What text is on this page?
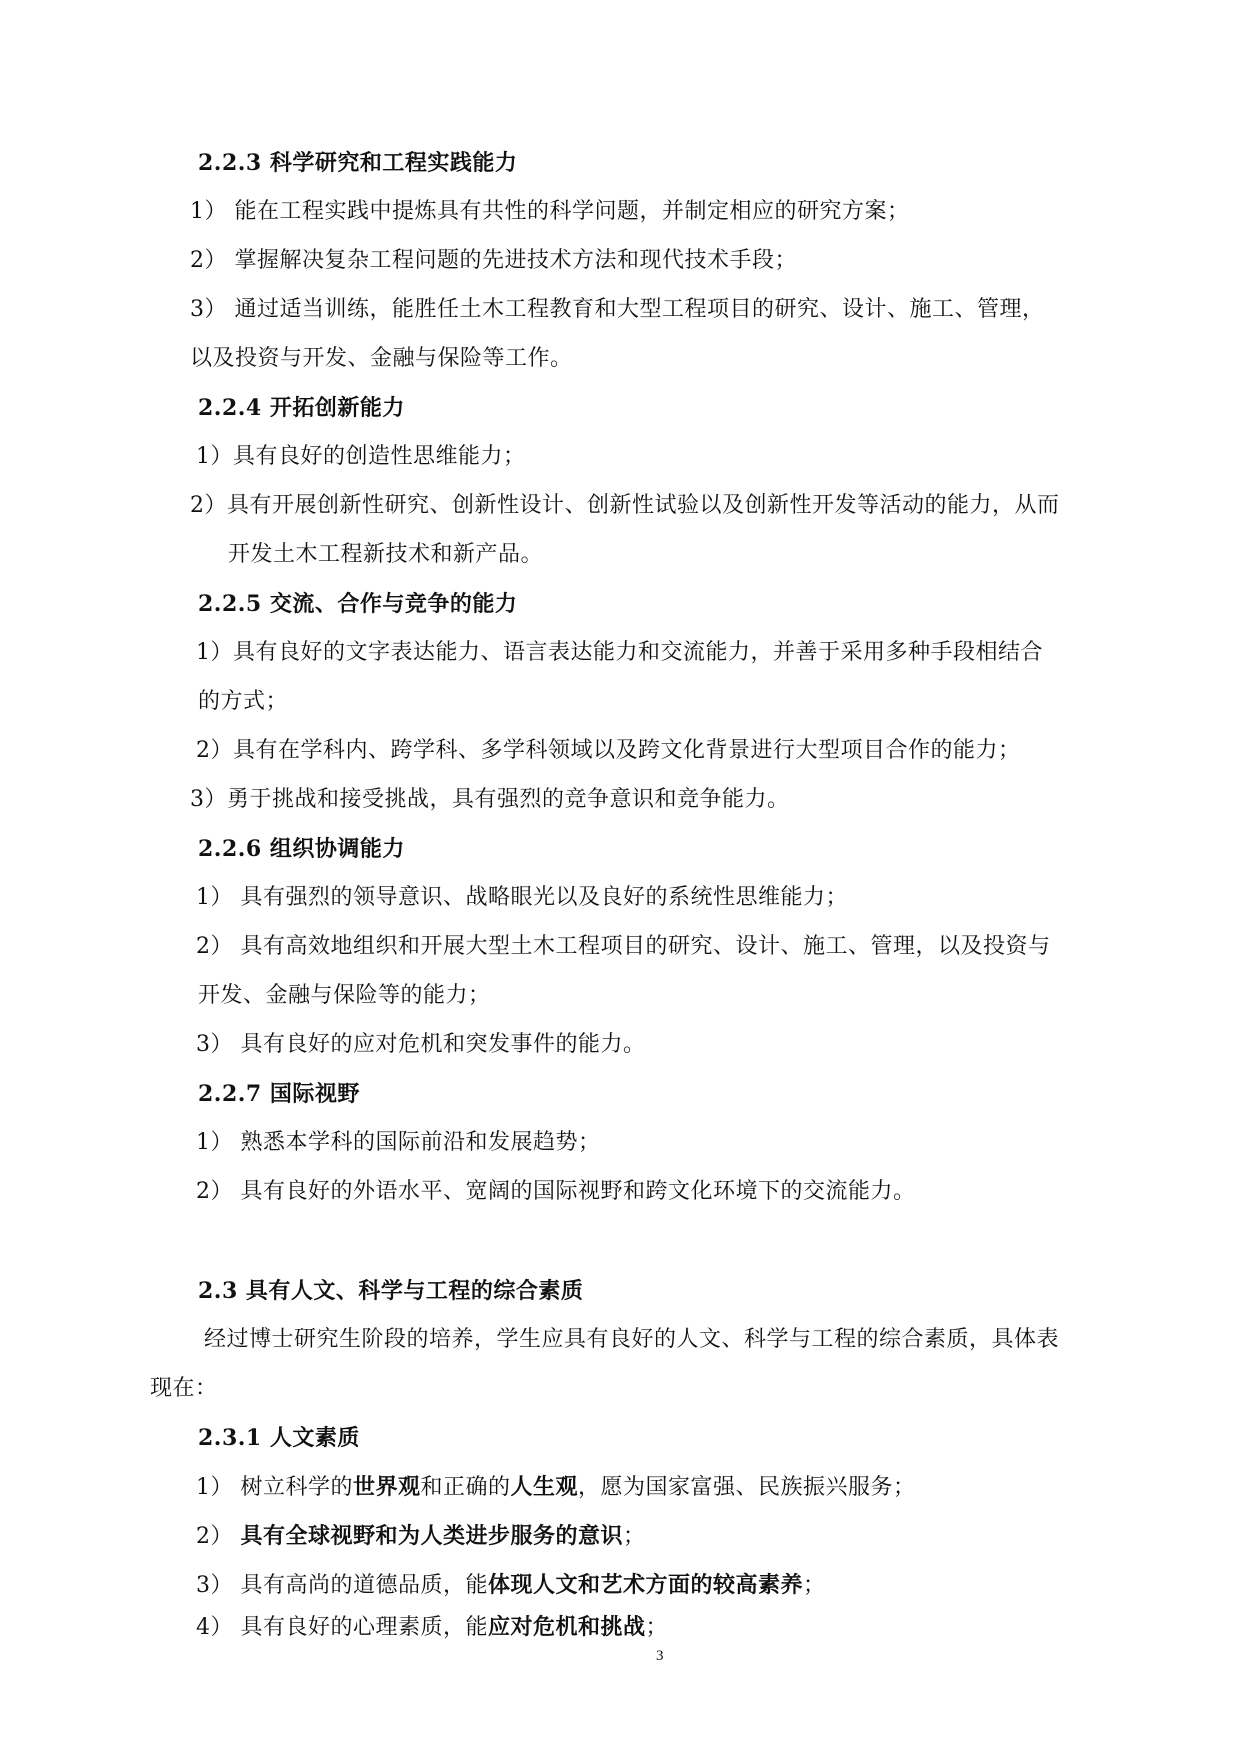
2.2.3 科学研究和工程实践能力
1） 能在工程实践中提炼具有共性的科学问题，并制定相应的研究方案；
2） 掌握解决复杂工程问题的先进技术方法和现代技术手段；
3） 通过适当训练，能胜任土木工程教育和大型工程项目的研究、设计、施工、管理，
以及投资与开发、金融与保险等工作。
2.2.4 开拓创新能力
1）具有良好的创造性思维能力；
2）具有开展创新性研究、创新性设计、创新性试验以及创新性开发等活动的能力，从而
开发土木工程新技术和新产品。
2.2.5 交流、合作与竞争的能力
1）具有良好的文字表达能力、语言表达能力和交流能力，并善于采用多种手段相结合
的方式；
2）具有在学科内、跨学科、多学科领域以及跨文化背景进行大型项目合作的能力；
3）勇于挑战和接受挑战，具有强烈的竞争意识和竞争能力。
2.2.6 组织协调能力
1） 具有强烈的领导意识、战略眼光以及良好的系统性思维能力；
2） 具有高效地组织和开展大型土木工程项目的研究、设计、施工、管理，以及投资与
开发、金融与保险等的能力；
3） 具有良好的应对危机和突发事件的能力。
2.2.7 国际视野
1） 熟悉本学科的国际前沿和发展趋势；
2） 具有良好的外语水平、宽阔的国际视野和跨文化环境下的交流能力。
2.3 具有人文、科学与工程的综合素质
经过博士研究生阶段的培养，学生应具有良好的人文、科学与工程的综合素质，具体表
现在：
2.3.1 人文素质
1） 树立科学的世界观和正确的人生观，愿为国家富强、民族振兴服务；
2） 具有全球视野和为人类进步服务的意识；
3） 具有高尚的道德品质，能体现人文和艺术方面的较高素养；
4） 具有良好的心理素质，能应对危机和挑战；
3
